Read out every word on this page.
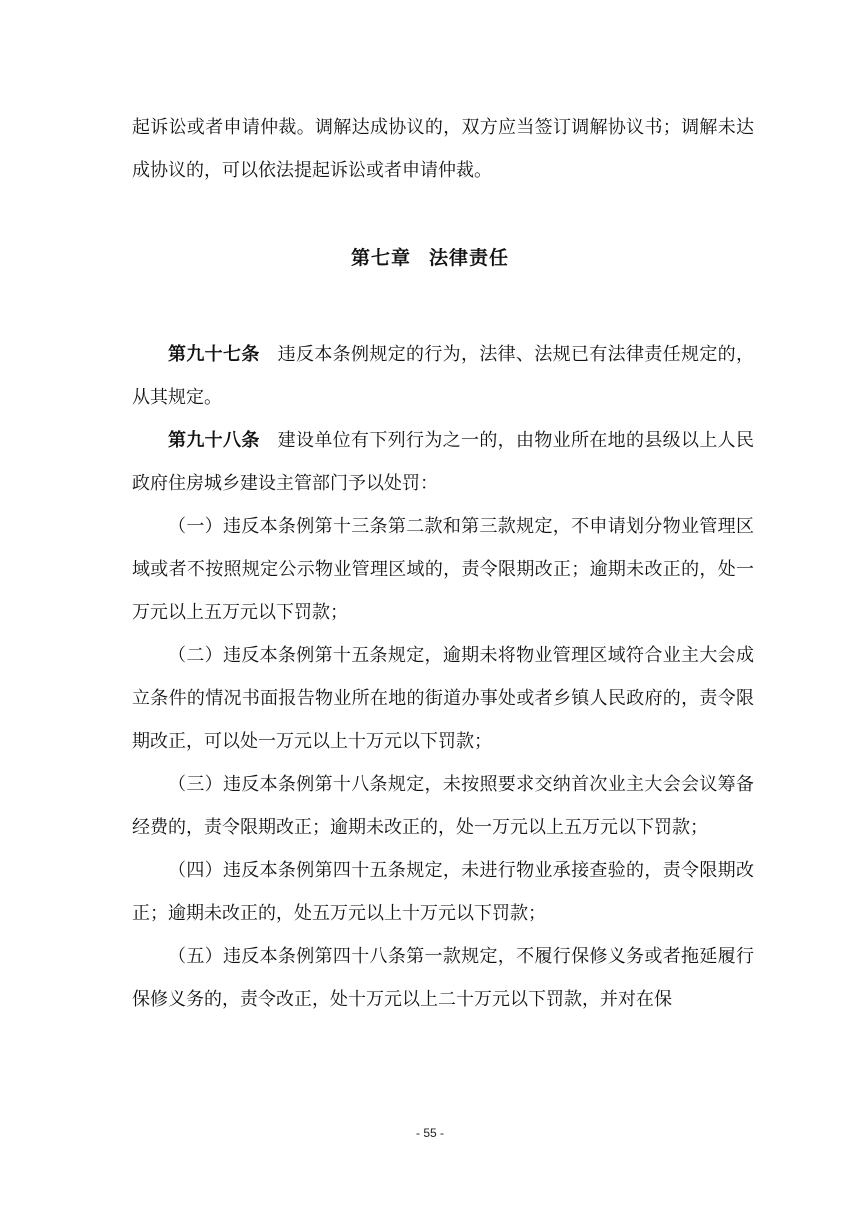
起诉讼或者申请仲裁。调解达成协议的，双方应当签订调解协议书；调解未达成协议的，可以依法提起诉讼或者申请仲裁。

第七章 法律责任

第九十七条 违反本条例规定的行为，法律、法规已有法律责任规定的，从其规定。

第九十八条 建设单位有下列行为之一的，由物业所在地的县级以上人民政府住房城乡建设主管部门予以处罚：

（一）违反本条例第十三条第二款和第三款规定，不申请划分物业管理区域或者不按照规定公示物业管理区域的，责令限期改正；逾期未改正的，处一万元以上五万元以下罚款；

（二）违反本条例第十五条规定，逾期未将物业管理区域符合业主大会成立条件的情况书面报告物业所在地的街道办事处或者乡镇人民政府的，责令限期改正，可以处一万元以上十万元以下罚款；

（三）违反本条例第十八条规定，未按照要求交纳首次业主大会会议筹备经费的，责令限期改正；逾期未改正的，处一万元以上五万元以下罚款；

（四）违反本条例第四十五条规定，未进行物业承接查验的，责令限期改正；逾期未改正的，处五万元以上十万元以下罚款；

（五）违反本条例第四十八条第一款规定，不履行保修义务或者拖延履行保修义务的，责令改正，处十万元以上二十万元以下罚款，并对在保

- 55 -
